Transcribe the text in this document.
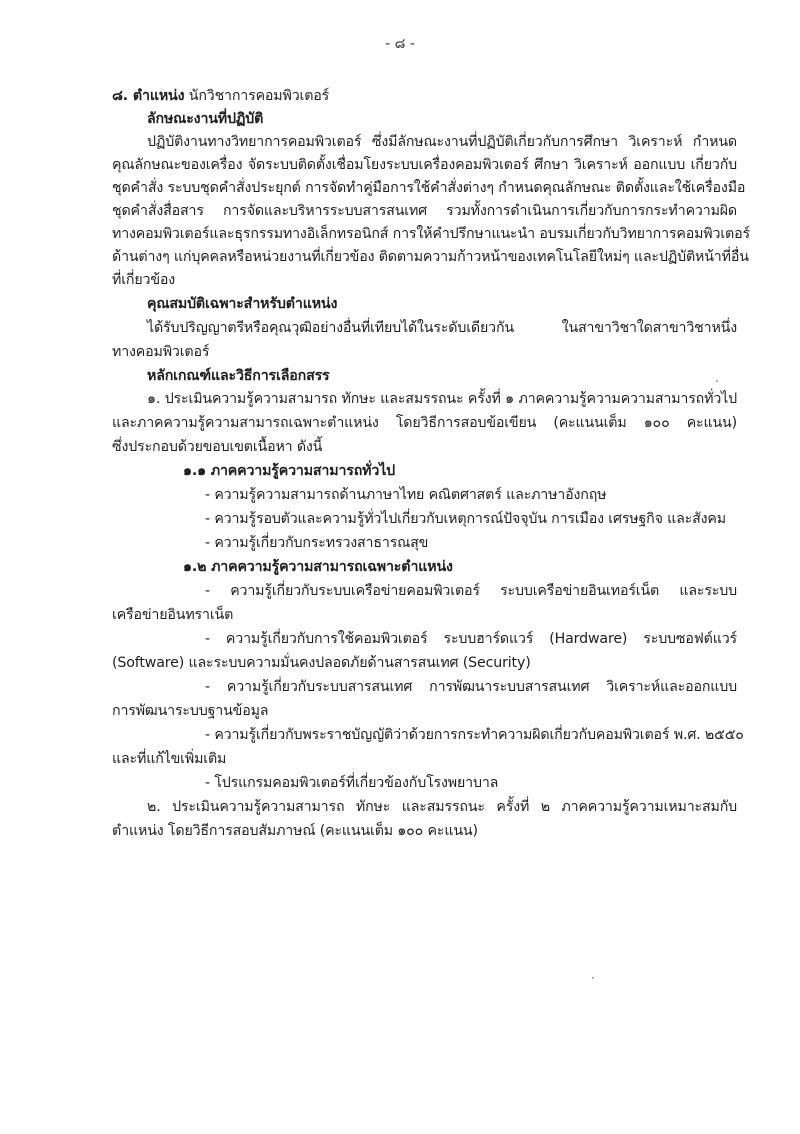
- ๘ -
๘. ตำแหน่ง นักวิชาการคอมพิวเตอร์
ลักษณะงานที่ปฏิบัติ
ปฏิบัติงานทางวิทยาการคอมพิวเตอร์ ซึ่งมีลักษณะงานที่ปฏิบัติเกี่ยวกับการศึกษา วิเคราะห์ กำหนด
คุณลักษณะของเครื่อง จัดระบบติดตั้งเชื่อมโยงระบบเครื่องคอมพิวเตอร์ ศึกษา วิเคราะห์ ออกแบบ เกี่ยวกับ
ชุดคำสั่ง ระบบชุดคำสั่งประยุกต์ การจัดทำคู่มือการใช้คำสั่งต่างๆ กำหนดคุณลักษณะ ติดตั้งและใช้เครื่องมือ
ชุดคำสั่งสื่อสาร การจัดและบริหารระบบสารสนเทศ รวมทั้งการดำเนินการเกี่ยวกับการกระทำความผิด
ทางคอมพิวเตอร์และธุรกรรมทางอิเล็กทรอนิกส์ การให้คำปรึกษาแนะนำ อบรมเกี่ยวกับวิทยาการคอมพิวเตอร์
ด้านต่างๆ แก่บุคคลหรือหน่วยงานที่เกี่ยวข้อง ติดตามความก้าวหน้าของเทคโนโลยีใหม่ๆ และปฏิบัติหน้าที่อื่น
ที่เกี่ยวข้อง
คุณสมบัติเฉพาะสำหรับตำแหน่ง
ได้รับปริญญาตรีหรือคุณวุฒิอย่างอื่นที่เทียบได้ในระดับเดียวกัน ในสาขาวิชาใดสาขาวิชาหนึ่ง
ทางคอมพิวเตอร์
หลักเกณฑ์และวิธีการเลือกสรร
๑. ประเมินความรู้ความสามารถ ทักษะ และสมรรถนะ ครั้งที่ ๑ ภาคความรู้ความความสามารถทั่วไป
และภาคความรู้ความสามารถเฉพาะตำแหน่ง โดยวิธีการสอบข้อเขียน (คะแนนเต็ม ๑๐๐ คะแนน)
ซึ่งประกอบด้วยขอบเขตเนื้อหา ดังนี้
๑.๑ ภาคความรู้ความสามารถทั่วไป
- ความรู้ความสามารถด้านภาษาไทย คณิตศาสตร์ และภาษาอังกฤษ
- ความรู้รอบตัวและความรู้ทั่วไปเกี่ยวกับเหตุการณ์ปัจจุบัน การเมือง เศรษฐกิจ และสังคม
- ความรู้เกี่ยวกับกระทรวงสาธารณสุข
๑.๒ ภาคความรู้ความสามารถเฉพาะตำแหน่ง
- ความรู้เกี่ยวกับระบบเครือข่ายคอมพิวเตอร์ ระบบเครือข่ายอินเทอร์เน็ต และระบบ
เครือข่ายอินทราเน็ต
- ความรู้เกี่ยวกับการใช้คอมพิวเตอร์ ระบบฮาร์ดแวร์ (Hardware) ระบบซอฟต์แวร์
(Software) และระบบความมั่นคงปลอดภัยด้านสารสนเทศ (Security)
- ความรู้เกี่ยวกับระบบสารสนเทศ การพัฒนาระบบสารสนเทศ วิเคราะห์และออกแบบ
การพัฒนาระบบฐานข้อมูล
- ความรู้เกี่ยวกับพระราชบัญญัติว่าด้วยการกระทำความผิดเกี่ยวกับคอมพิวเตอร์ พ.ศ. ๒๕๕๐
และที่แก้ไขเพิ่มเติม
- โปรแกรมคอมพิวเตอร์ที่เกี่ยวข้องกับโรงพยาบาล
๒. ประเมินความรู้ความสามารถ ทักษะ และสมรรถนะ ครั้งที่ ๒ ภาคความรู้ความเหมาะสมกับ
ตำแหน่ง โดยวิธีการสอบสัมภาษณ์ (คะแนนเต็ม ๑๐๐ คะแนน)
